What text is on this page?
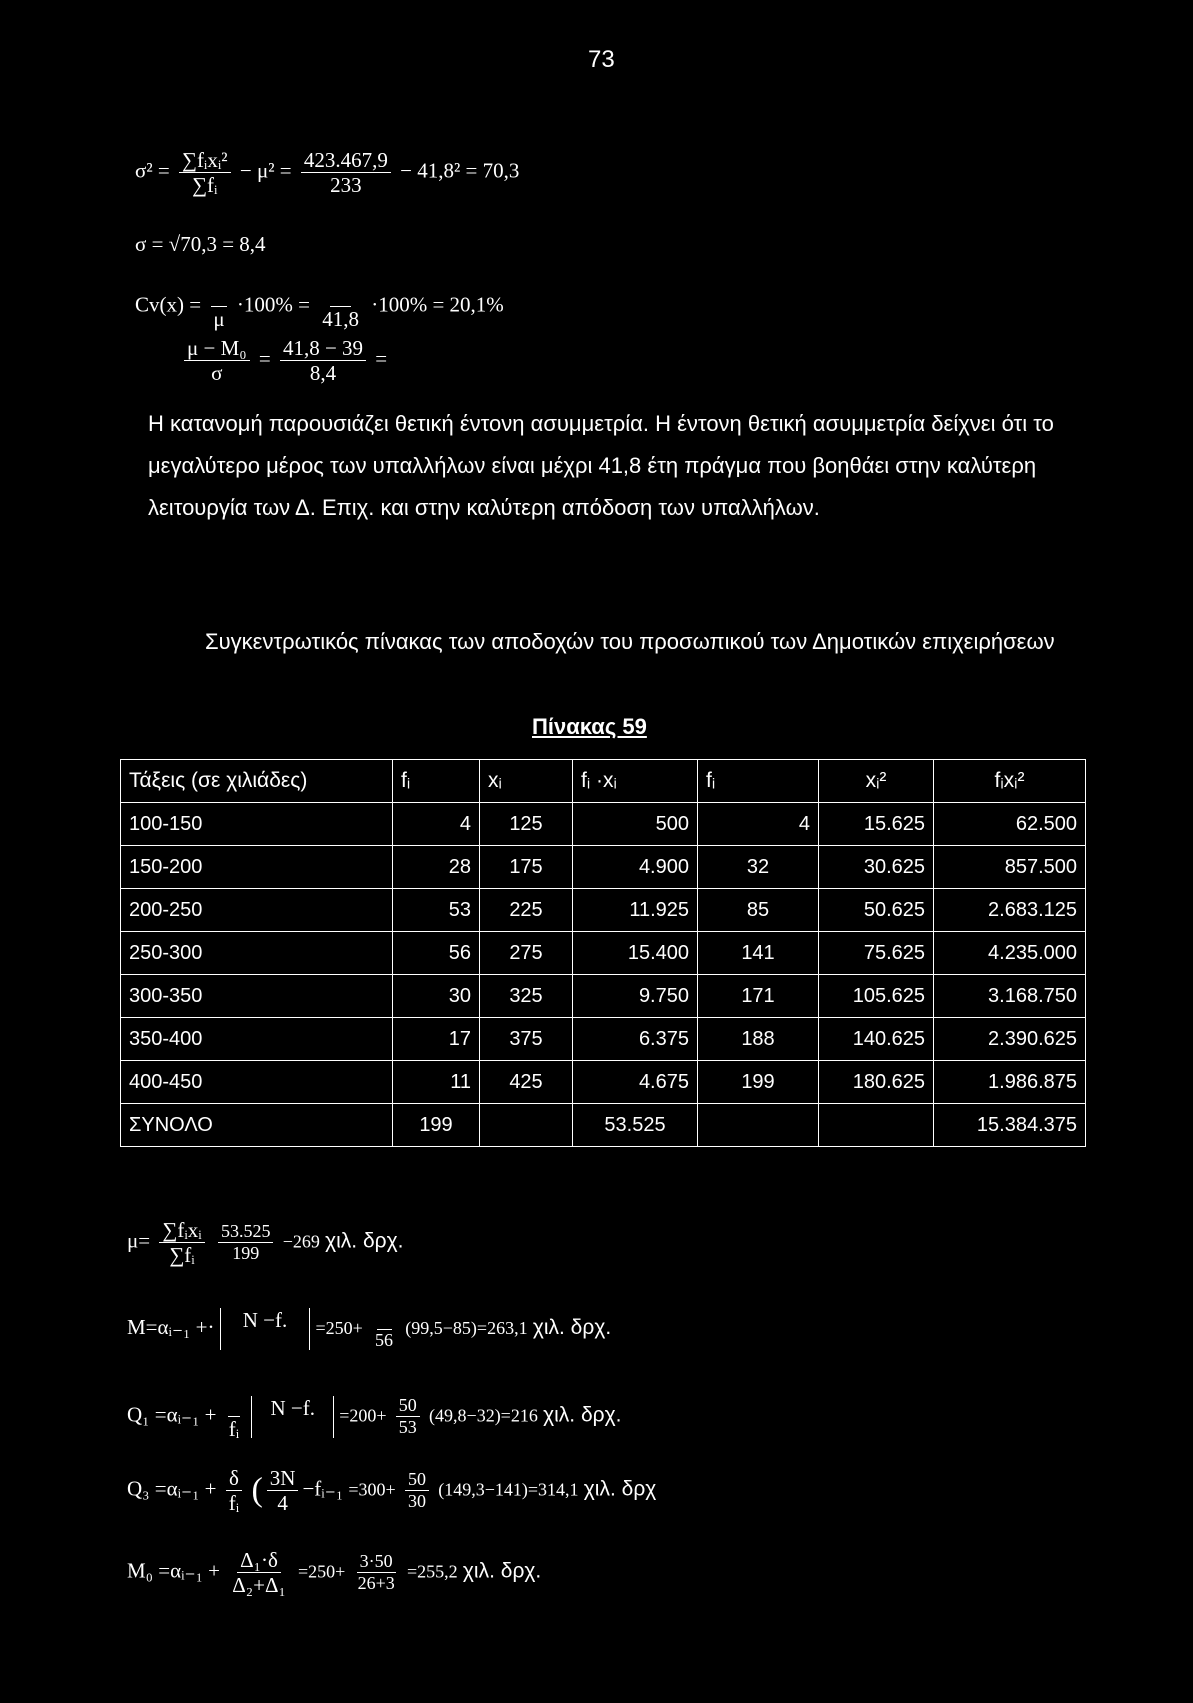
73
$\sigma^2 = \frac{\text{∑fᵢxᵢ²}}{\text{∑fᵢ}} - \mu^2 = \frac{423.467,9}{233} - 41,8^2 = 70,3$
σ = √70,3 = 8,4
Cv(x) =

μ
·100% =

41,8
·100% = 20,1%
$\frac{\text{μ − M₀}}{\sigma} = \frac{41,8 - 39}{8,4}$ =
Η κατανομή παρουσιάζει θετική έντονη ασυμμετρία. Η έντονη θετική ασυμμετρία δείχνει ότι το μεγαλύτερο μέρος των υπαλλήλων είναι μέχρι 41,8 έτη πράγμα που βοηθάει στην καλύτερη λειτουργία των Δ. Επιχ. και στην καλύτερη απόδοση των υπαλλήλων.
Συγκεντρωτικός πίνακας των αποδοχών του προσωπικού των Δημοτικών επιχειρήσεων
Πίνακας 59
Τάξεις (σε χιλιάδες)	fᵢ	xᵢ	fᵢ ·xᵢ	fᵢ	xᵢ²	fᵢxᵢ²
100-150	4	125	500	4	15.625	62.500
150-200	28	175	4.900	32	30.625	857.500
200-250	53	225	11.925	85	50.625	2.683.125
250-300	56	275	15.400	141	75.625	4.235.000
300-350	30	325	9.750	171	105.625	3.168.750
350-400	17	375	6.375	188	140.625	2.390.625
400-450	11	425	4.675	199	180.625	1.986.875
ΣΥΝΟΛΟ	199		53.525			15.384.375
$\mu= \frac{\text{∑fᵢxᵢ}}{\text{∑fᵢ}}$
$\frac{53.525}{199} -269$ χιλ. δρχ.
M=αᵢ₋₁ +· N −f. =250+

56
(99,5−85)=263,1 χιλ. δρχ.
Q₁ =αᵢ₋₁ +

fᵢ
N −f. $=200+ \frac{50}{53} (49,8-32)=216$ χιλ. δρχ.
Q₃ =αᵢ₋₁ + $\frac{\delta}{\text{fᵢ}}$ ( $\frac{3N}{4}$ −fᵢ₋₁ $=300+ \frac{50}{30} (149,3-141)=314,1$ χιλ. δρχ
M₀ =αᵢ₋₁ + $\frac{\text{Δ₁·δ}}{\text{Δ₂+Δ₁}} =250+ \frac{3\cdot 50}{26+3} =255,2$ χιλ. δρχ.
